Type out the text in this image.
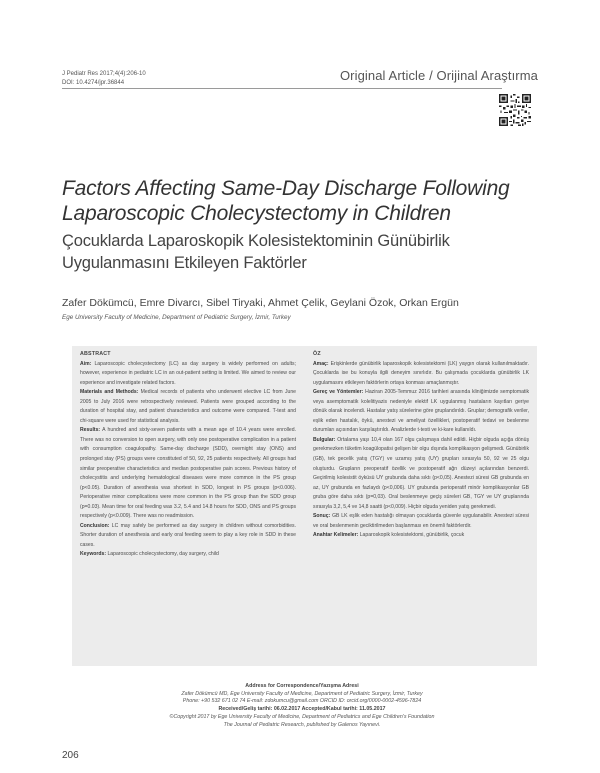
J Pediatr Res 2017;4(4):206-10
DOI: 10.4274/jpr.36844	Original Article / Orijinal Araştırma
Factors Affecting Same-Day Discharge Following Laparoscopic Cholecystectomy in Children
Çocuklarda Laparoskopik Kolesistektominin Günübirlik Uygulanmasını Etkileyen Faktörler
Zafer Dökümcü, Emre Divarcı, Sibel Tiryaki, Ahmet Çelik, Geylani Özok, Orkan Ergün
Ege University Faculty of Medicine, Department of Pediatric Surgery, İzmir, Turkey

ABSTRACT

Aim: Laparoscopic cholecystectomy (LC) as day surgery is widely performed on adults; however, experience in pediatric LC in an out-patient setting is limited. We aimed to review our experience and investigate related factors.

Materials and Methods: Medical records of patients who underwent elective LC from June 2005 to July 2016 were retrospectively reviewed. Patients were grouped according to the duration of hospital stay, and patient characteristics and outcome were compared. T-test and chi-square were used for statistical analysis.

Results: A hundred and sixty-seven patients with a mean age of 10.4 years were enrolled. There was no conversion to open surgery, with only one postoperative complication in a patient with consumption coagulopathy. Same-day discharge (SDD), overnight stay (ONS) and prolonged stay (PS) groups were constituted of 50, 92, 25 patients respectively. All groups had similar preoperative characteristics and median postoperative pain scores. Previous history of cholecystitis and underlying hematological diseases were more common in the PS group (p<0.05). Duration of anesthesia was shortest in SDD, longest in PS groups (p<0.006). Perioperative minor complications were more common in the PS group than the SDD group (p=0.03). Mean time for oral feeding was 3.2, 5.4 and 14.8 hours for SDD, ONS and PS groups respectively (p<0.009). There was no readmission.

Conclusion: LC may safely be performed as day surgery in children without comorbidities. Shorter duration of anesthesia and early oral feeding seem to play a key role in SDD in these cases.

Keywords: Laparoscopic cholecystectomy, day surgery, child

ÖZ

Amaç: Erişkinlerde günübirlik laparoskopik kolesistektomi (LK) yaygın olarak kullanılmaktadır. Çocuklarda ise bu konuyla ilgili deneyim sınırlıdır. Bu çalışmada çocuklarda günübirlik LK uygulamasını etkileyen faktörlerin ortaya konması amaçlanmıştır.

Gereç ve Yöntemler: Haziran 2005-Temmuz 2016 tarihleri arasında kliniğimizde semptomatik veya asemptomatik kolelitiyazis nedeniyle elektif LK uygulanmış hastaların kayıtları geriye dönük olarak incelendi. Hastalar yatış sürelerine göre gruplandırıldı. Gruplar; demografik veriler, eşlik eden hastalık, öykü, anestezi ve ameliyat özellikleri, postoperatif tedavi ve beslenme durumları açısından karşılaştırıldı. Analizlerde t-testi ve ki-kare kullanıldı.

Bulgular: Ortalama yaşı 10,4 olan 167 olgu çalışmaya dahil edildi. Hiçbir olguda açığa dönüş gerekmezken tüketim koagülopatisi gelişen bir olgu dışında komplikasyon gelişmedi. Günübirlik (GB), tek gecelik yatış (TGY) ve uzamış yatış (UY) grupları sırasıyla 50, 92 ve 25 olgu oluşturdu. Grupların preoperatif özellik ve postoperatif ağrı düzeyi açılarından benzerdi. Geçirilmiş kolesistit öyküsü UY grubunda daha sıktı (p<0,05). Anestezi süresi GB grubunda en az, UY grubunda en fazlaydı (p<0,006). UY grubunda perioperatif minör komplikasyonlar GB gruba göre daha sıktı (p=0,03). Oral beslenmeye geçiş süreleri GB, TGY ve UY gruplarında sırasıyla 3,2, 5,4 ve 14,8 saatti (p<0,009). Hiçbir olguda yeniden yatış gerekmedi.

Sonuç: GB LK eşlik eden hastalığı olmayan çocuklarda güvenle uygulanabilir. Anestezi süresi ve oral beslenmenin geciktirilmeden başlanması en önemli faktörlerdir.

Anahtar Kelimeler: Laparoskopik kolesistektomi, günübirlik, çocuk

Address for Correspondence/Yazışma Adresi
Zafer Dökümcü MD, Ege University Faculty of Medicine, Department of Pediatric Surgery, İzmir, Turkey
Phone: +90 532 671 02 74 E-mail: zdokumcu@gmail.com ORCID ID: orcid.org/0000-0002-4596-7824
Received/Geliş tarihi: 06.02.2017 Accepted/Kabul tarihi: 11.05.2017
©Copyright 2017 by Ege University Faculty of Medicine, Department of Pediatrics and Ege Children's Foundation
The Journal of Pediatric Research, published by Galenos Yayınevi.
206
